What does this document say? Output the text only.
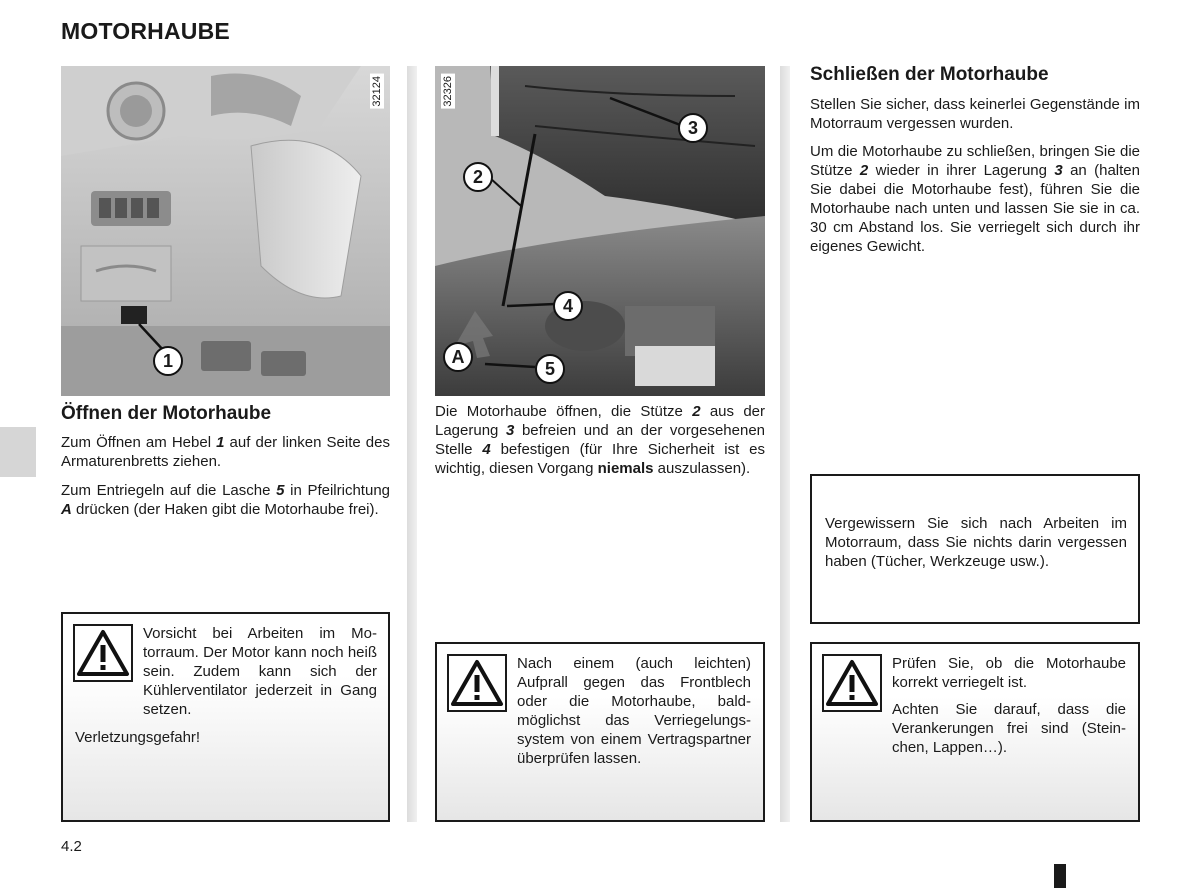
MOTORHAUBE
32124
1
32326
2
3
4
5
A
Öffnen der Motorhaube
Zum Öffnen am Hebel 1 auf der linken Seite des Armaturenbretts ziehen.
Zum Entriegeln auf die Lasche 5 in Pfeilrichtung A drücken (der Haken gibt die Motorhaube frei).
Die Motorhaube öffnen, die Stütze 2 aus der Lagerung 3 befreien und an der vorgesehenen Stelle 4 befestigen (für Ihre Sicherheit ist es wichtig, diesen Vorgang niemals auszulassen).
Schließen der Motorhaube
Stellen Sie sicher, dass keinerlei Gegenstände im Motorraum vergessen wurden.
Um die Motorhaube zu schließen, bringen Sie die Stütze 2 wieder in ihrer Lagerung 3 an (halten Sie dabei die Motorhaube fest), führen Sie die Motorhaube nach unten und lassen Sie sie in ca. 30 cm Abstand los. Sie verriegelt sich durch ihr eigenes Gewicht.
Vergewissern Sie sich nach Arbeiten im Motorraum, dass Sie nichts darin vergessen haben (Tücher, Werkzeuge usw.).
Vorsicht bei Arbeiten im Motorraum. Der Motor kann noch heiß sein. Zudem kann sich der Kühlerventilator jederzeit in Gang setzen.
Verletzungsgefahr!
Nach einem (auch leichten) Aufprall gegen das Frontblech oder die Motorhaube, baldmöglichst das Verriegelungssystem von einem Vertragspartner überprüfen lassen.
Prüfen Sie, ob die Motorhaube korrekt verriegelt ist.
Achten Sie darauf, dass die Verankerungen frei sind (Steinchen, Lappen…).
4.2
